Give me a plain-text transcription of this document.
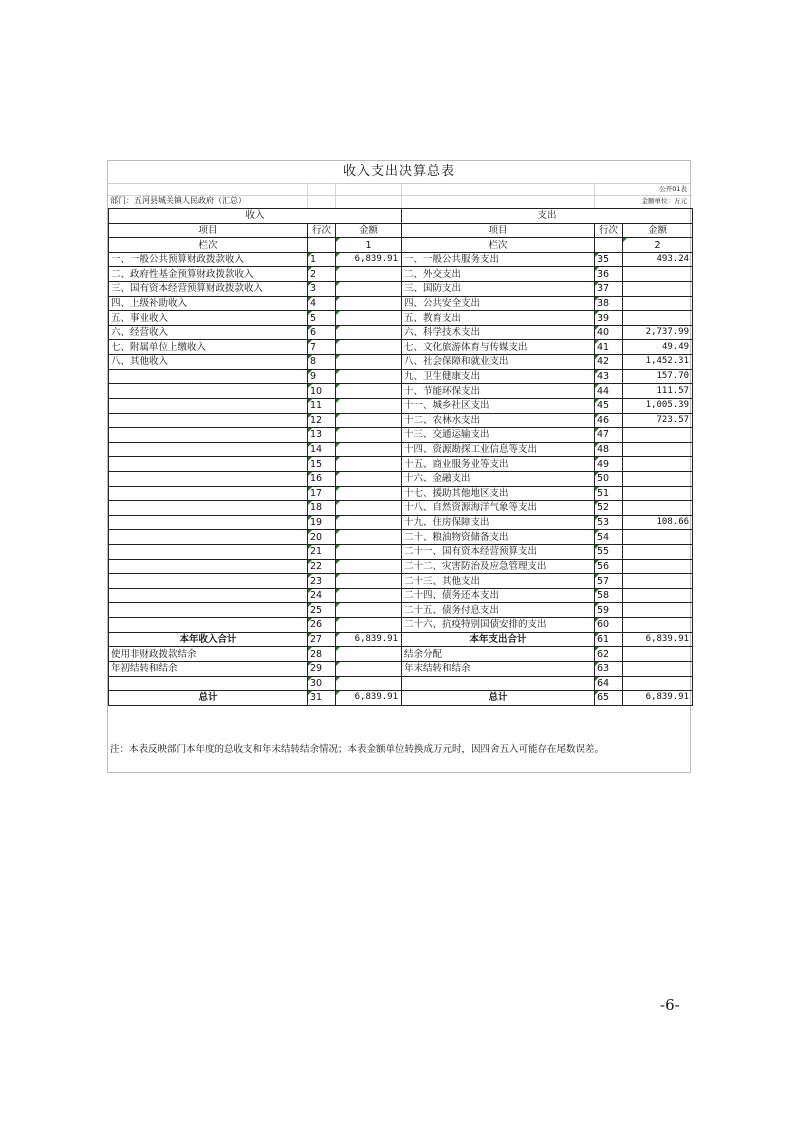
收入支出决算总表
公开01表
部门：五河县城关镇人民政府（汇总）	金额单位：万元
收入			支出		
项目	行次	金额	项目	行次	金额
栏次		1	栏次		2
一、一般公共预算财政拨款收入	1	6,839.91	一、一般公共服务支出	35	493.24
二、政府性基金预算财政拨款收入	2		二、外交支出	36	
三、国有资本经营预算财政拨款收入	3		三、国防支出	37	
四、上级补助收入	4		四、公共安全支出	38	
五、事业收入	5		五、教育支出	39	
六、经营收入	6		六、科学技术支出	40	2,737.99
七、附属单位上缴收入	7		七、文化旅游体育与传媒支出	41	49.49
八、其他收入	8		八、社会保障和就业支出	42	1,452.31
	9		九、卫生健康支出	43	157.70
	10		十、节能环保支出	44	111.57
	11		十一、城乡社区支出	45	1,005.39
	12		十二、农林水支出	46	723.57
	13		十三、交通运输支出	47	
	14		十四、资源勘探工业信息等支出	48	
	15		十五、商业服务业等支出	49	
	16		十六、金融支出	50	
	17		十七、援助其他地区支出	51	
	18		十八、自然资源海洋气象等支出	52	
	19		十九、住房保障支出	53	108.66
	20		二十、粮油物资储备支出	54	
	21		二十一、国有资本经营预算支出	55	
	22		二十二、灾害防治及应急管理支出	56	
	23		二十三、其他支出	57	
	24		二十四、债务还本支出	58	
	25		二十五、债务付息支出	59	
	26		二十六、抗疫特别国债安排的支出	60	
本年收入合计	27	6,839.91	本年支出合计	61	6,839.91
使用非财政拨款结余	28		结余分配	62	
年初结转和结余	29		年末结转和结余	63	
	30			64	
总计	31	6,839.91	总计	65	6,839.91
注：本表反映部门本年度的总收支和年末结转结余情况；本表金额单位转换成万元时，因四舍五入可能存在尾数误差。
-6-
